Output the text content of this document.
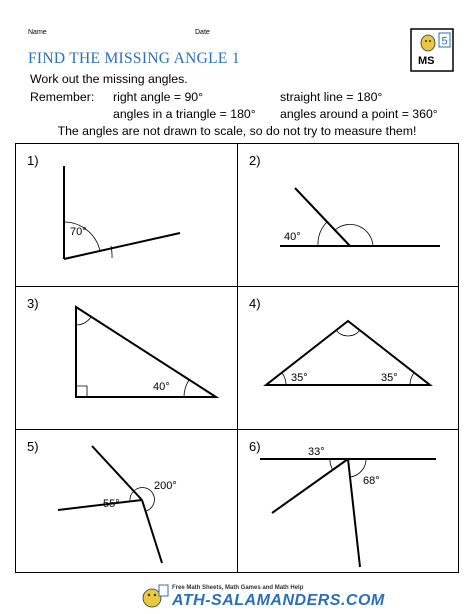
Name	Date
FIND THE MISSING ANGLE 1	MS
5
Work out the missing angles.
Remember: right angle = 90°	straight line = 180°
angles in a triangle = 180° angles around a point = 360°
The angles are not drawn to scale, so do not try to measure them!
1)
70°
2)
40°
3)
40°
4)
35°	35°
5)
55°
200°
6)	33°
68°
Free Math Sheets, Math Games and Math Help
ATH-SALAMANDERS.COM
